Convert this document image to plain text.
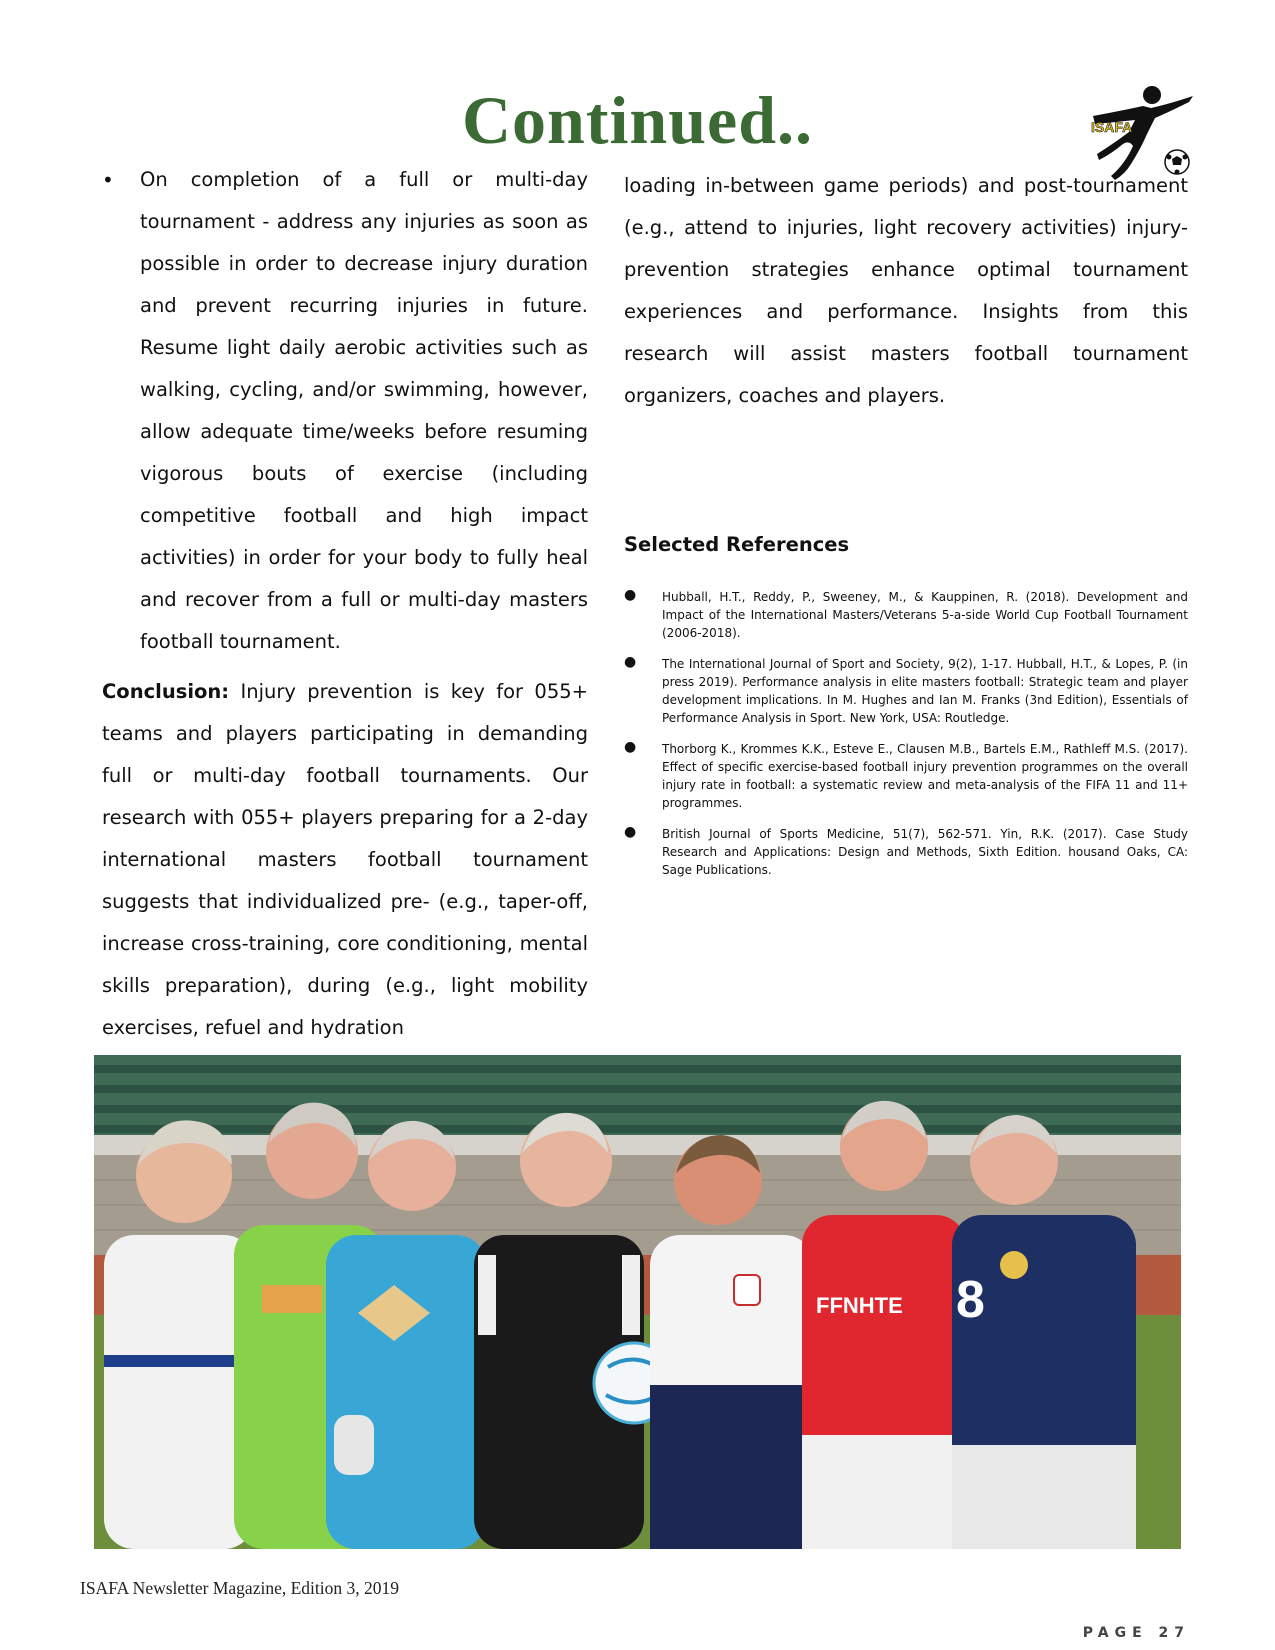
Continued..	ISAFA

• On completion of a full or multi-day tournament - address any injuries as soon as possible in order to decrease injury duration and prevent recurring injuries in future. Resume light daily aerobic activities such as walking, cycling, and/or swimming, however, allow adequate time/weeks before resuming vigorous bouts of exercise (including competitive football and high impact activities) in order for your body to fully heal and recover from a full or multi-day masters football tournament.

Conclusion: Injury prevention is key for 055+ teams and players participating in demanding full or multi-day football tournaments. Our research with 055+ players preparing for a 2-day international masters football tournament suggests that individualized pre- (e.g., taper-off, increase cross-training, core conditioning, mental skills preparation), during (e.g., light mobility exercises, refuel and hydration

loading in-between game periods) and post-tournament (e.g., attend to injuries, light recovery activities) injury-prevention strategies enhance optimal tournament experiences and performance. Insights from this research will assist masters football tournament organizers, coaches and players.

Selected References

● Hubball, H.T., Reddy, P., Sweeney, M., & Kauppinen, R. (2018). Development and Impact of the International Masters/Veterans 5-a-side World Cup Football Tournament (2006-2018).

● The International Journal of Sport and Society, 9(2), 1-17. Hubball, H.T., & Lopes, P. (in press 2019). Performance analysis in elite masters football: Strategic team and player development implications. In M. Hughes and Ian M. Franks (3nd Edition), Essentials of Performance Analysis in Sport. New York, USA: Routledge.

● Thorborg K., Krommes K.K., Esteve E., Clausen M.B., Bartels E.M., Rathleff M.S. (2017). Effect of specific exercise-based football injury prevention programmes on the overall injury rate in football: a systematic review and meta-analysis of the FIFA 11 and 11+ programmes.

● British Journal of Sports Medicine, 51(7), 562-571. Yin, R.K. (2017). Case Study Research and Applications: Design and Methods, Sixth Edition. housand Oaks, CA: Sage Publications.

FFNHTE 8
ISAFA Newsletter Magazine, Edition 3, 2019
PAGE 27
